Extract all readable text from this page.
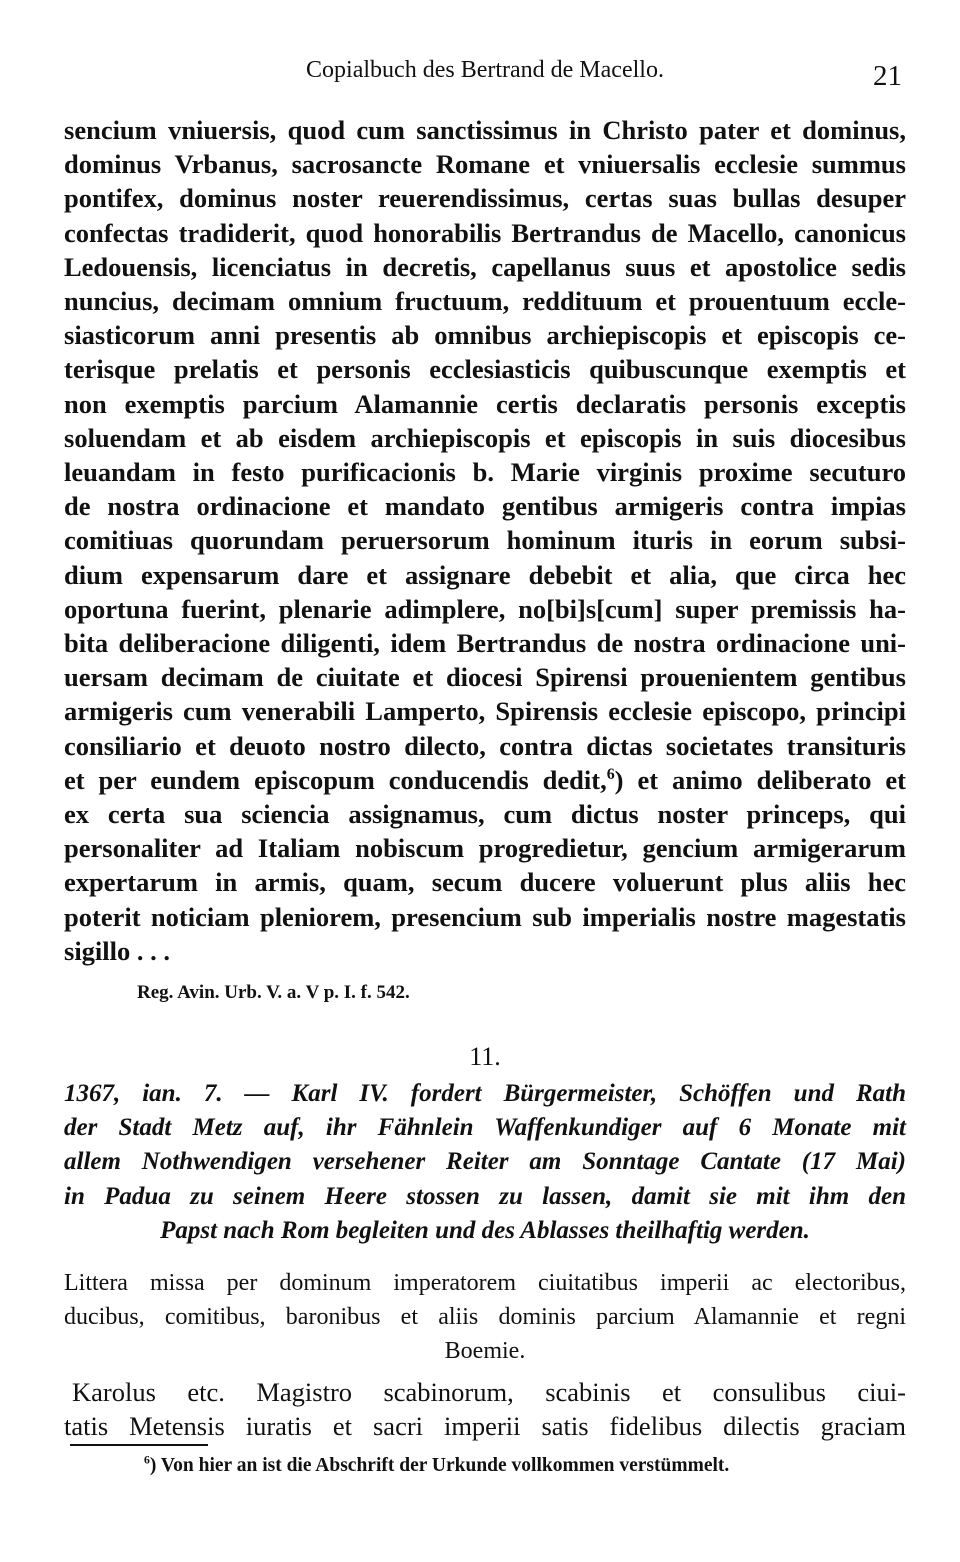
Copialbuch des Bertrand de Macello.	21
sencium vniuersis, quod cum sanctissimus in Christo pater et dominus,
dominus Vrbanus, sacrosancte Romane et vniuersalis ecclesie summus
pontifex, dominus noster reuerendissimus, certas suas bullas desuper
confectas tradiderit, quod honorabilis Bertrandus de Macello, canonicus
Ledouensis, licenciatus in decretis, capellanus suus et apostolice sedis
nuncius, decimam omnium fructuum, reddituum et prouentuum eccle-
siasticorum anni presentis ab omnibus archiepiscopis et episcopis ce-
terisque prelatis et personis ecclesiasticis quibuscunque exemptis et
non exemptis parcium Alamannie certis declaratis personis exceptis
soluendam et ab eisdem archiepiscopis et episcopis in suis diocesibus
leuandam in festo purificacionis b. Marie virginis proxime secuturo
de nostra ordinacione et mandato gentibus armigeris contra impias
comitiuas quorundam peruersorum hominum ituris in eorum subsi-
dium expensarum dare et assignare debebit et alia, que circa hec
oportuna fuerint, plenarie adimplere, no[bi]s[cum] super premissis ha-
bita deliberacione diligenti, idem Bertrandus de nostra ordinacione uni-
uersam decimam de ciuitate et diocesi Spirensi prouenientem gentibus
armigeris cum venerabili Lamperto, Spirensis ecclesie episcopo, principi
consiliario et deuoto nostro dilecto, contra dictas societates transituris
et per eundem episcopum conducendis dedit,$^6$) et animo deliberato et
ex certa sua sciencia assignamus, cum dictus noster princeps, qui
personaliter ad Italiam nobiscum progredietur, gencium armigerarum
expertarum in armis, quam, secum ducere voluerunt plus aliis hec
poterit noticiam pleniorem, presencium sub imperialis nostre magestatis
sigillo . . .
Reg. Avin. Urb. V. a. V p. I. f. 542.
11.
1367, ian. 7. — Karl IV. fordert Bürgermeister, Schöffen und Rath
der Stadt Metz auf, ihr Fähnlein Waffenkundiger auf 6 Monate mit
allem Nothwendigen versehener Reiter am Sonntage Cantate (17 Mai)
in Padua zu seinem Heere stossen zu lassen, damit sie mit ihm den
Papst nach Rom begleiten und des Ablasses theilhaftig werden.
Littera missa per dominum imperatorem ciuitatibus imperii ac electoribus,
ducibus, comitibus, baronibus et aliis dominis parcium Alamannie et regni
Boemie.
Karolus etc. Magistro scabinorum, scabinis et consulibus ciui-
tatis Metensis iuratis et sacri imperii satis fidelibus dilectis graciam
$^6$) Von hier an ist die Abschrift der Urkunde vollkommen verstümmelt.
